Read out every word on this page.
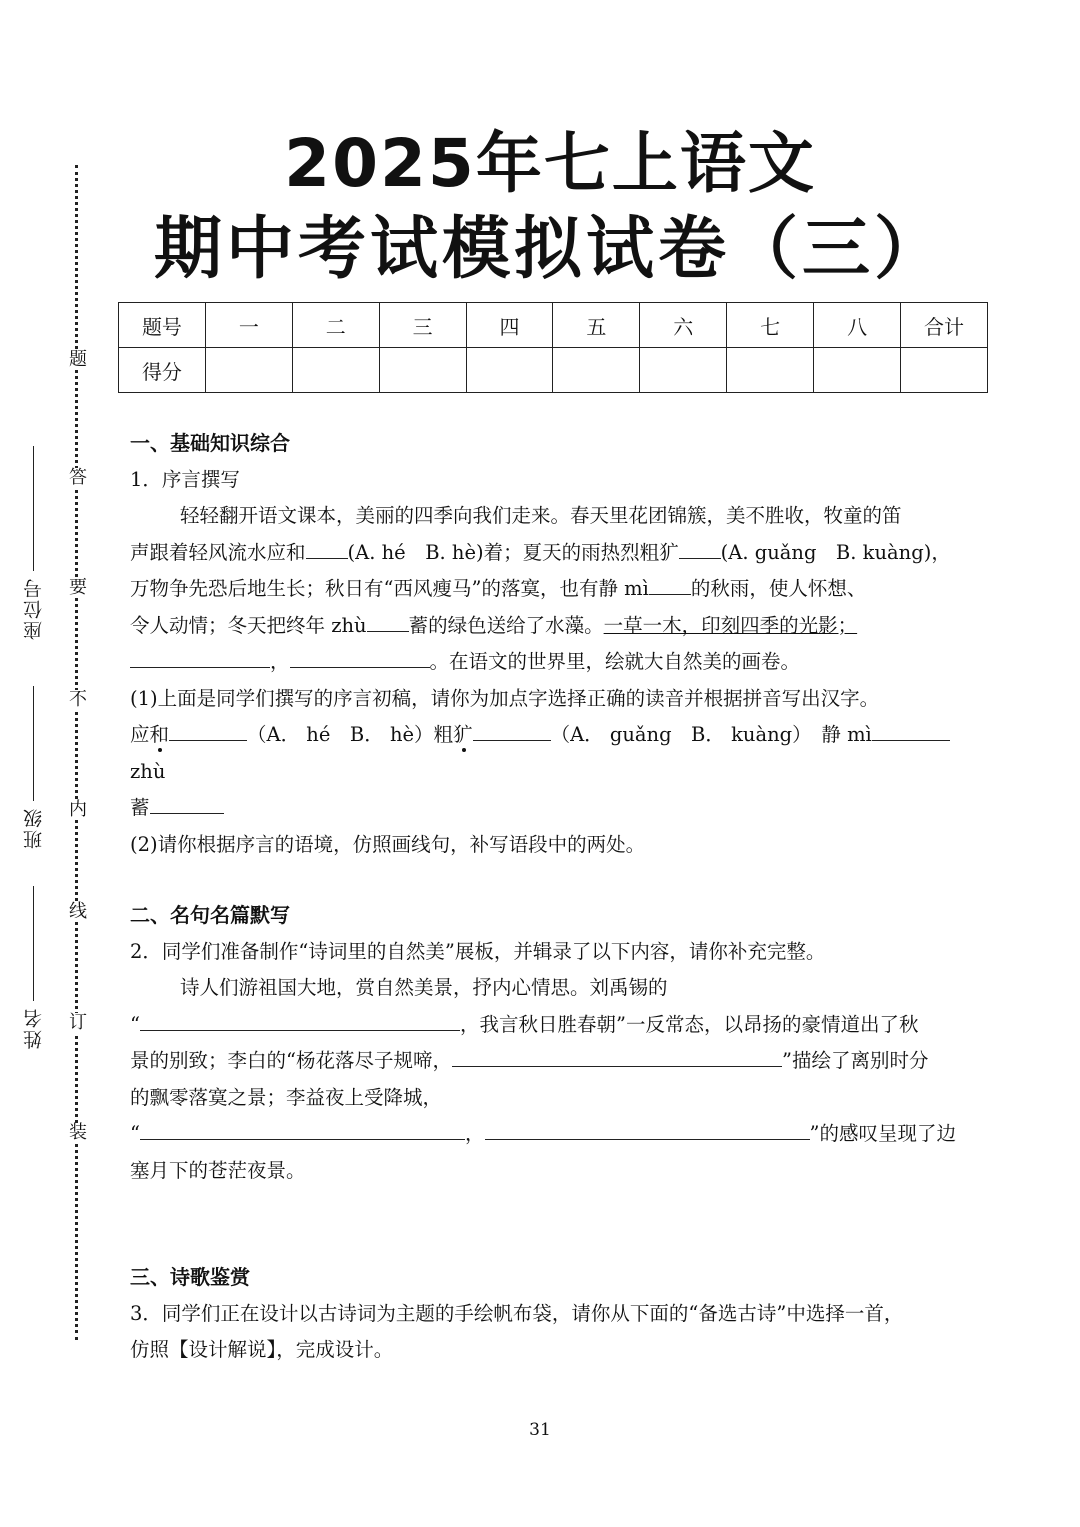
题
答
要
不
内
线
订
装
座位号
班级
姓名
2025年七上语文
期中考试模拟试卷（三）
题号	一	二	三	四	五	六	七	八	合计
得分									
一、基础知识综合
1．序言撰写
轻轻翻开语文课本，美丽的四季向我们走来。春天里花团锦簇，美不胜收，牧童的笛
声跟着轻风流水应和 (A. hé　B. hè)着；夏天的雨热烈粗犷 (A. guǎng　B. kuàng)，
万物争先恐后地生长；秋日有“西风瘦马”的落寞，也有静 mì 的秋雨，使人怀想、
令人动情；冬天把终年 zhù 蓄的绿色送给了水藻。一草一木，印刻四季的光影；
，	。在语文的世界里，绘就大自然美的画卷。
(1)上面是同学们撰写的序言初稿，请你为加点字选择正确的读音并根据拼音写出汉字。
应和	（A． hé　B． hè）粗犷	（A． guǎng　B． kuàng）　静 mì zhù
蓄
(2)请你根据序言的语境，仿照画线句，补写语段中的两处。
二、名句名篇默写
2．同学们准备制作“诗词里的自然美”展板，并辑录了以下内容，请你补充完整。
诗人们游祖国大地，赏自然美景，抒内心情思。刘禹锡的
“	，我言秋日胜春朝”一反常态，以昂扬的豪情道出了秋
景的别致；李白的“杨花落尽子规啼，	”描绘了离别时分
的飘零落寞之景；李益夜上受降城，
“	，	”的感叹呈现了边
塞月下的苍茫夜景。
三、诗歌鉴赏
3．同学们正在设计以古诗词为主题的手绘帆布袋，请你从下面的“备选古诗”中选择一首，
仿照【设计解说】，完成设计。
31
